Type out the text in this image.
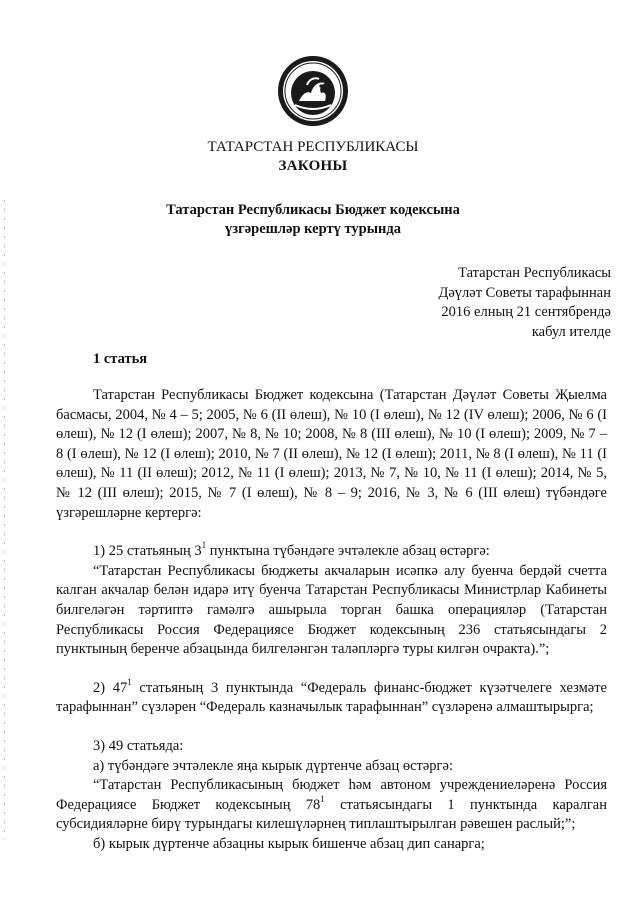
ТАТАРСТАН РЕСПУБЛИКАСЫ
ЗАКОНЫ
Татарстан Республикасы Бюджет кодексына
үзгәрешләр кертү турында
Татарстан Республикасы
Дәүләт Советы тарафыннан
2016 елның 21 сентябрендә
кабул ителде
1 статья

Татарстан Республикасы Бюджет кодексына (Татарстан Дәүләт Советы Җыелма басмасы, 2004, № 4 – 5; 2005, № 6 (II өлеш), № 10 (I өлеш), № 12 (IV өлеш); 2006, № 6 (I өлеш), № 12 (I өлеш); 2007, № 8, № 10; 2008, № 8 (III өлеш), № 10 (I өлеш); 2009, № 7 – 8 (I өлеш), № 12 (I өлеш); 2010, № 7 (II өлеш), № 12 (I өлеш); 2011, № 8 (I өлеш), № 11 (I өлеш), № 11 (II өлеш); 2012, № 11 (I өлеш); 2013, № 7, № 10, № 11 (I өлеш); 2014, № 5, № 12 (III өлеш); 2015, № 7 (I өлеш), № 8 – 9; 2016, № 3, № 6 (III өлеш) түбәндәге үзгәрешләрне кертергә:

1) 25 статьяның $3^1$ пунктына түбәндәге эчтәлекле абзац өстәргә:

“Татарстан Республикасы бюджеты акчаларын исәпкә алу буенча бердәй счетта калган акчалар белән идарә итү буенча Татарстан Республикасы Министрлар Кабинеты билгеләгән тәртиптә гамәлгә ашырыла торган башка операцияләр (Татарстан Республикасы Россия Федерациясе Бюджет кодексының 236 статьясындагы 2 пунктының беренче абзацында билгеләнгән таләпләргә туры килгән очракта).”;

2) $47^1$ статьяның 3 пунктында “Федераль финанс-бюджет күзәтчелеге хезмәте тарафыннан” сүзләрен “Федераль казначылык тарафыннан” сүзләренә алмаштырырга;

3) 49 статьяда:

а) түбәндәге эчтәлекле яңа кырык дүртенче абзац өстәргә:

“Татарстан Республикасының бюджет һәм автоном учреждениеләренә Россия Федерациясе Бюджет кодексының $78^1$ статьясындагы 1 пунктында каралган субсидияләрне бирү турындагы килешүләрнең типлаштырылган рәвешен раслый;”;

б) кырык дүртенче абзацны кырык бишенче абзац дип санарга;
